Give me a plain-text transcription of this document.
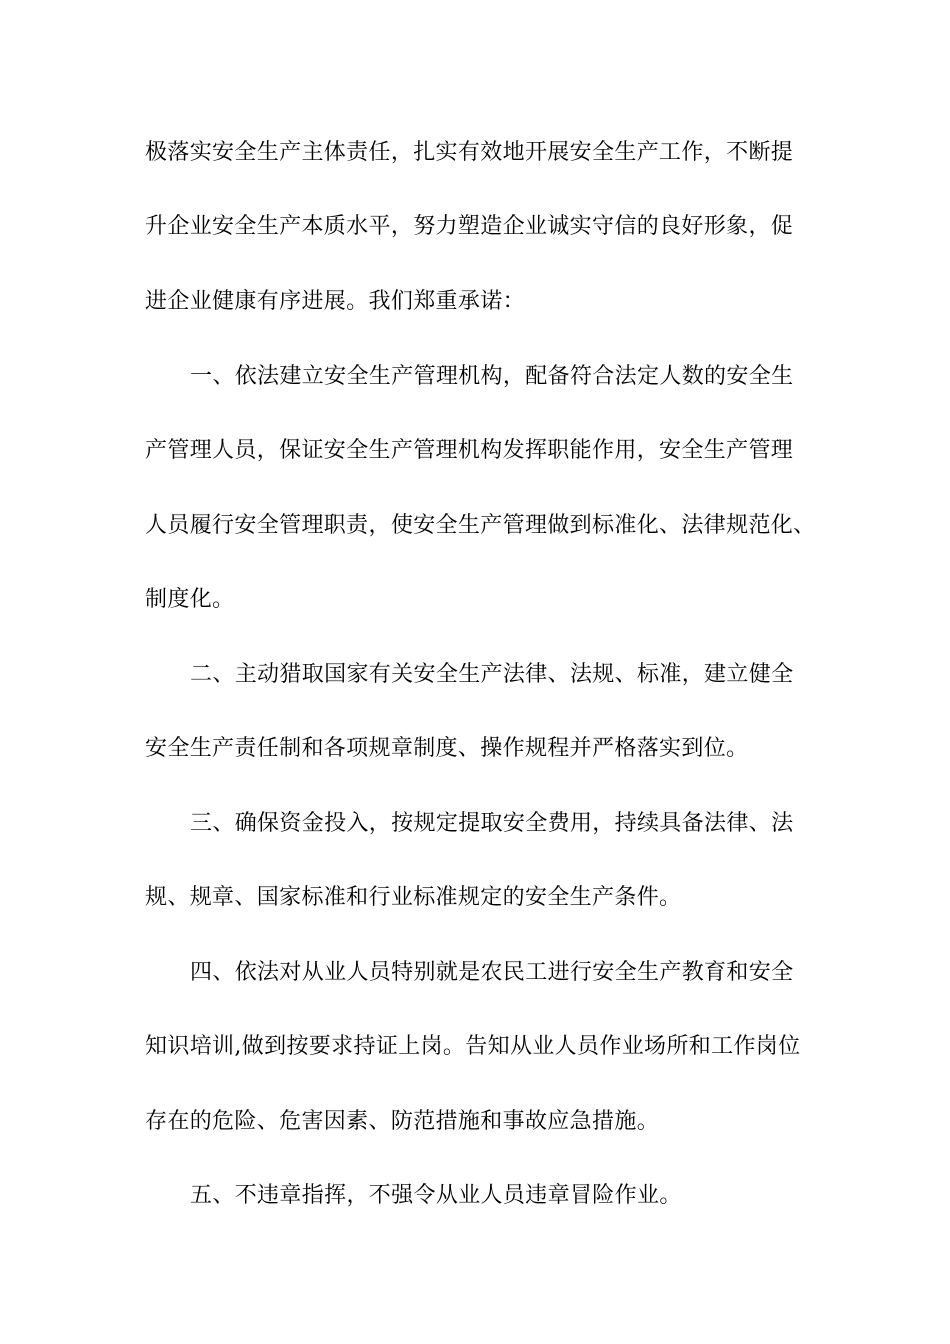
极落实安全生产主体责任，扎实有效地开展安全生产工作，不断提
升企业安全生产本质水平，努力塑造企业诚实守信的良好形象，促
进企业健康有序进展。我们郑重承诺：
一、依法建立安全生产管理机构，配备符合法定人数的安全生
产管理人员，保证安全生产管理机构发挥职能作用，安全生产管理
人员履行安全管理职责，使安全生产管理做到标准化、法律规范化、
制度化。
二、主动猎取国家有关安全生产法律、法规、标准，建立健全
安全生产责任制和各项规章制度、操作规程并严格落实到位。
三、确保资金投入，按规定提取安全费用，持续具备法律、法
规、规章、国家标准和行业标准规定的安全生产条件。
四、依法对从业人员特别就是农民工进行安全生产教育和安全
知识培训,做到按要求持证上岗。告知从业人员作业场所和工作岗位
存在的危险、危害因素、防范措施和事故应急措施。
五、不违章指挥，不强令从业人员违章冒险作业。
